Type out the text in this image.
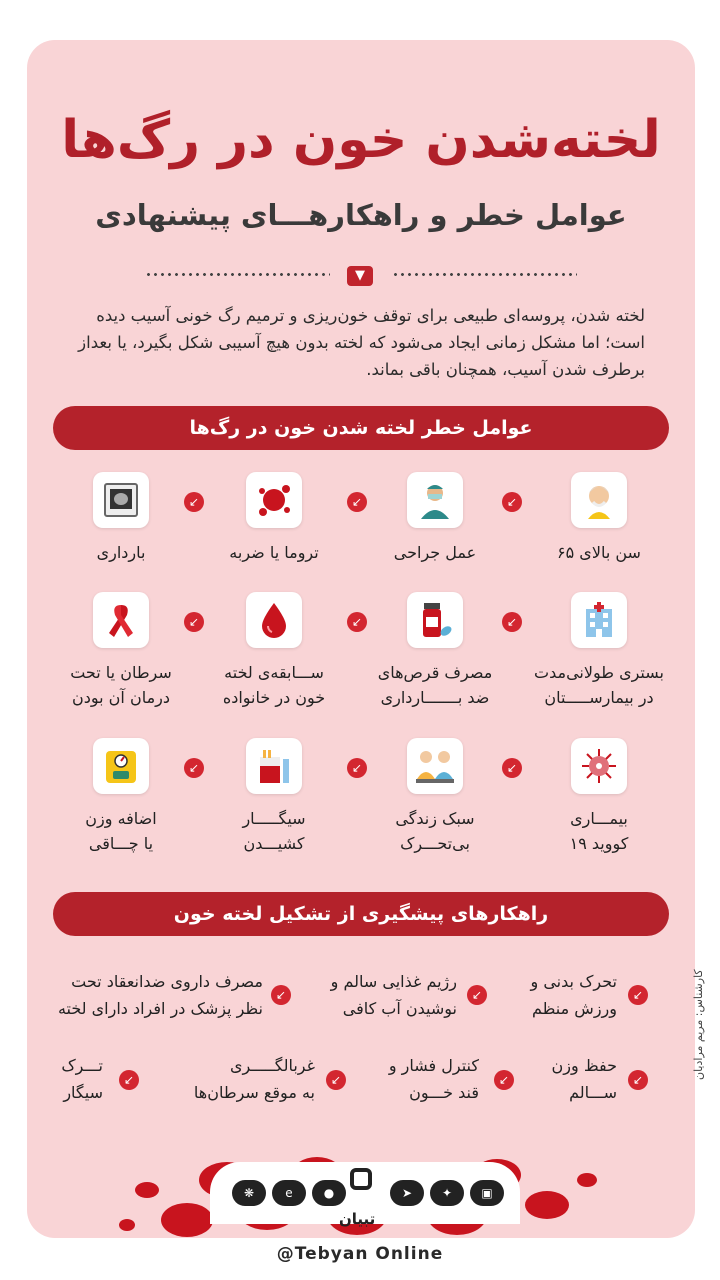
لخته‌شدن خون در رگ‌ها
عوامل خطر و راهکارهـــای پیشنهادی
▼
لخته شدن، پروسه‌ای طبیعی برای توقف خون‌ریزی و ترمیم رگ خونی آسیب دیده است؛ اما مشکل زمانی ایجاد می‌شود که لخته بدون هیچ آسیبی شکل بگیرد، یا بعداز برطرف شدن آسیب، همچنان باقی بماند.
عوامل خطر لخته شدن خون در رگ‌ها
سن بالای ۶۵
عمل جراحی
تروما یا ضربه
بارداری
بستری طولانی‌مدت
در بیمارســـــتان
مصرف قرص‌های
ضد بـــــــارداری
ســـابقه‌ی لخته
خون در خانواده
سرطان یا تحت
درمان آن بودن
بیمـــاری
کووید ۱۹
سبک زندگی
بی‌تحـــرک
سیگـــــار
کشیـــدن
اضافه وزن
یا چـــاقی
↙
↙
↙
↙
↙
↙
↙
↙
↙
راهکارهای پیشگیری از تشکیل لخته خون
تحرک بدنی و
ورزش منظم
↙
رژیم غذایی سالم و
نوشیدن آب کافی
↙
مصرف داروی ضدانعقاد تحت
نظر پزشک در افراد دارای لخته
↙
حفظ وزن
ســـالم
↙
کنترل فشار و
قند خـــون
↙
غربالگـــــری
به موقع سرطان‌ها
↙
تـــرک
سیگار
↙	کارشناس: مریم مرادیان
❋	e	●	➤	✦	▣
تبیان
@Tebyan Online
